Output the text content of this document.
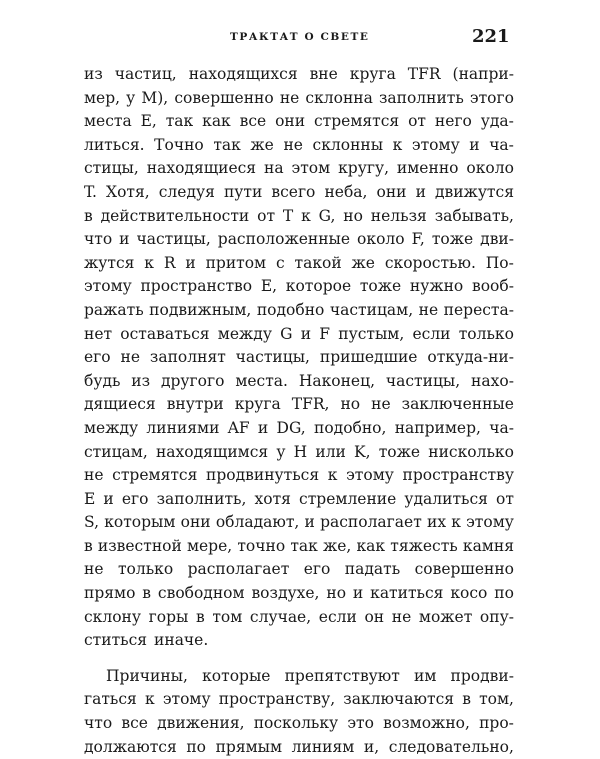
ТРАКТАТ О СВЕТЕ	221
из частиц, находящихся вне круга TFR (напри-
мер, у M), совершенно не склонна заполнить этого
места E, так как все они стремятся от него уда-
литься. Точно так же не склонны к этому и ча-
стицы, находящиеся на этом кругу, именно около
T. Хотя, следуя пути всего неба, они и движутся
в действительности от T к G, но нельзя забывать,
что и частицы, расположенные около F, тоже дви-
жутся к R и притом с такой же скоростью. По-
этому пространство E, которое тоже нужно вооб-
ражать подвижным, подобно частицам, не переста-
нет оставаться между G и F пустым, если только
его не заполнят частицы, пришедшие откуда-ни-
будь из другого места. Наконец, частицы, нахо-
дящиеся внутри круга TFR, но не заключенные
между линиями AF и DG, подобно, например, ча-
стицам, находящимся у H или K, тоже нисколько
не стремятся продвинуться к этому пространству
E и его заполнить, хотя стремление удалиться от
S, которым они обладают, и располагает их к этому
в известной мере, точно так же, как тяжесть камня
не только располагает его падать совершенно
прямо в свободном воздухе, но и катиться косо по
склону горы в том случае, если он не может опу-
ститься иначе.
Причины, которые препятствуют им продви-
гаться к этому пространству, заключаются в том,
что все движения, поскольку это возможно, про-
должаются по прямым линиям и, следовательно,
